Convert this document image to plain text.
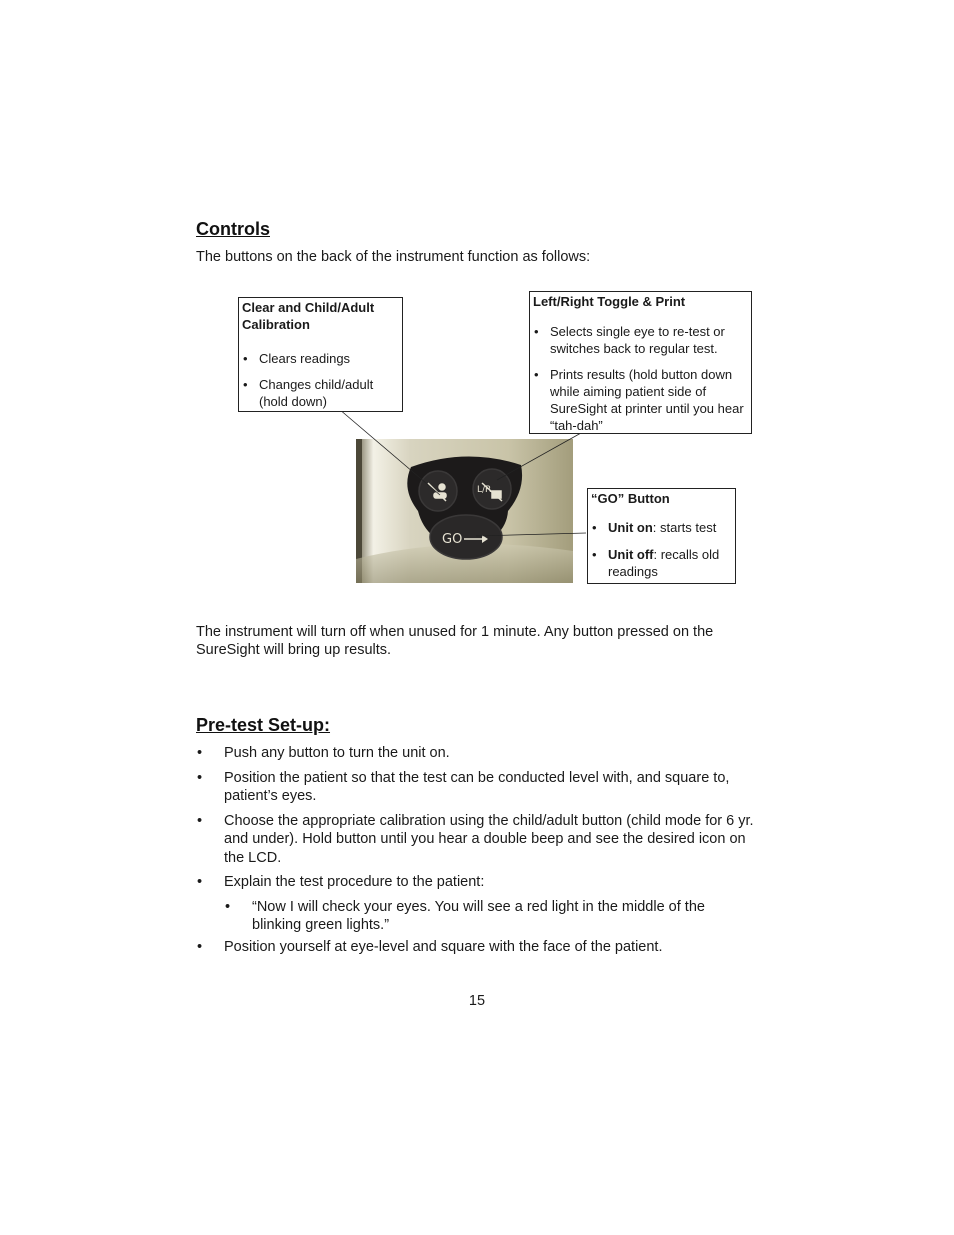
Controls
The buttons on the back of the instrument function as follows:
L/R
GO
Clear and Child/Adult Calibration
• Clears readings
• Changes child/adult (hold down)
Left/Right Toggle & Print
• Selects single eye to re-test or switches back to regular test.
• Prints results (hold button down while aiming patient side of SureSight at printer until you hear “tah-dah”
“GO” Button
• Unit on: starts test
• Unit off: recalls old readings
The instrument will turn off when unused for 1 minute. Any button pressed on the SureSight will bring up results.
Pre-test Set-up:
• Push any button to turn the unit on.
• Position the patient so that the test can be conducted level with, and square to, patient’s eyes.
• Choose the appropriate calibration using the child/adult button (child mode for 6 yr. and under). Hold button until you hear a double beep and see the desired icon on the LCD.
• Explain the test procedure to the patient:
• “Now I will check your eyes. You will see a red light in the middle of the blinking green lights.”
• Position yourself at eye-level and square with the face of the patient.
15
